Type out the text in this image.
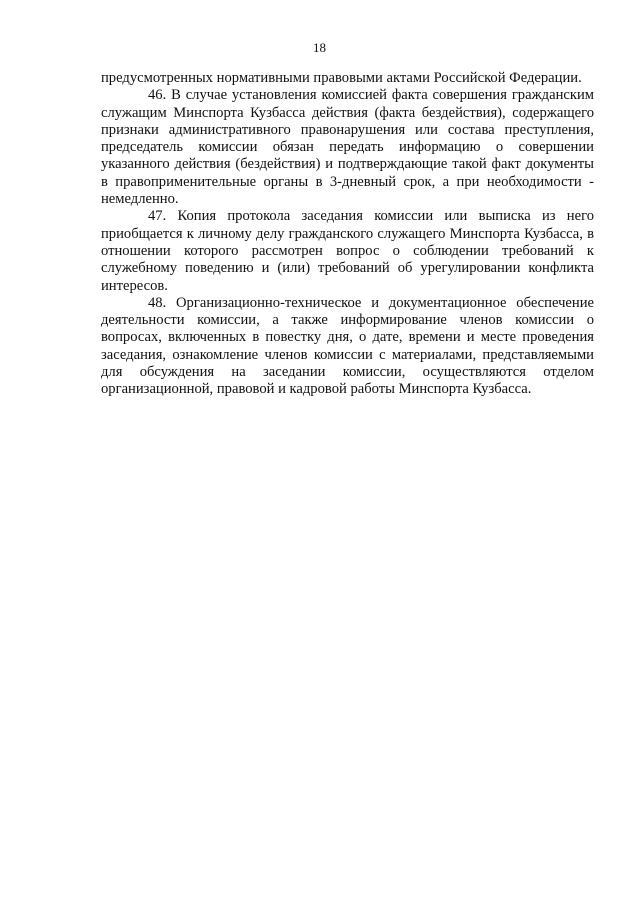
18

предусмотренных нормативными правовыми актами Российской Федерации.

46. В случае установления комиссией факта совершения гражданским служащим Минспорта Кузбасса действия (факта бездействия), содержащего признаки административного правонарушения или состава преступления, председатель комиссии обязан передать информацию о совершении указанного действия (бездействия) и подтверждающие такой факт документы в правоприменительные органы в 3-дневный срок, а при необходимости - немедленно.

47. Копия протокола заседания комиссии или выписка из него приобщается к личному делу гражданского служащего Минспорта Кузбасса, в отношении которого рассмотрен вопрос о соблюдении требований к служебному поведению и (или) требований об урегулировании конфликта интересов.

48. Организационно-техническое и документационное обеспечение деятельности комиссии, а также информирование членов комиссии о вопросах, включенных в повестку дня, о дате, времени и месте проведения заседания, ознакомление членов комиссии с материалами, представляемыми для обсуждения на заседании комиссии, осуществляются отделом организационной, правовой и кадровой работы Минспорта Кузбасса.
